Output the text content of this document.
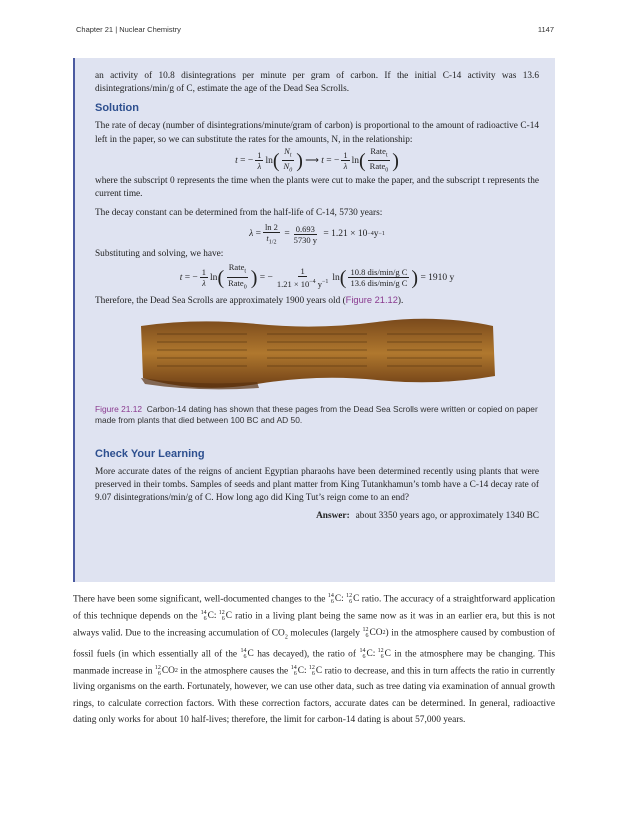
Chapter 21 | Nuclear Chemistry	1147

an activity of 10.8 disintegrations per minute per gram of carbon. If the initial C-14 activity was 13.6 disintegrations/min/g of C, estimate the age of the Dead Sea Scrolls.

Solution

The rate of decay (number of disintegrations/minute/gram of carbon) is proportional to the amount of radioactive C-14 left in the paper, so we can substitute the rates for the amounts, N, in the relationship:

t = − $\frac{1}{\lambda}$ ln ( $\frac{N_t}{N_0}$ ) ⟶ t = − $\frac{1}{\lambda}$ ln ( $\frac{Rate_t}{Rate_0}$ )

where the subscript 0 represents the time when the plants were cut to make the paper, and the subscript t represents the current time.

The decay constant can be determined from the half-life of C-14, 5730 years:

$\lambda = \frac{\ln 2}{t_{1/2}} = \frac{0.693}{5730 y}$
= 1.21 × 10 −4 y −1

Substituting and solving, we have:

t = − $\frac{1}{\lambda}$ ln ( $\frac{Rate_t}{Rate_0}$ ) = − $\frac{1}{1.21 \times 10^{-4} y^{-1}}$ ln ( $\frac{\text{10.8 dis/min/g C}}{\text{13.6 dis/min/g C}}$ )
= 1910 y

Therefore, the Dead Sea Scrolls are approximately 1900 years old (Figure 21.12).

Figure 21.12 Carbon-14 dating has shown that these pages from the Dead Sea Scrolls were written or copied on paper made from plants that died between 100 BC and AD 50.
Check Your Learning

More accurate dates of the reigns of ancient Egyptian pharaohs have been determined recently using plants that were preserved in their tombs. Samples of seeds and plant matter from King Tutankhamun’s tomb have a C-14 decay rate of 9.07 disintegrations/min/g of C. How long ago did King Tut’s reign come to an end?

Answer: about 3350 years ago, or approximately 1340 BC

There have been some significant, well-documented changes to the 14
6 C: 12
6 C ratio. The accuracy of a straightforward application of this technique depends on the 14
6 C: 12
6 C ratio in a living plant being the same now as it was in an earlier era, but this is not always valid. Due to the increasing accumulation of $CO_2$ molecules (largely 12
6 CO 2 ) in the atmosphere caused by combustion of fossil fuels (in which essentially all of the 14
6 C has decayed), the ratio of 14
6 C: 12
6 C in the atmosphere may be changing. This manmade increase in 12
6 CO 2 in the atmosphere causes the 14
6 C: 12
6 C ratio to decrease, and this in turn affects the ratio in currently living organisms on the earth. Fortunately, however, we can use other data, such as tree dating via examination of annual growth rings, to calculate correction factors. With these correction factors, accurate dates can be determined. In general, radioactive dating only works for about 10 half-lives; therefore, the limit for carbon-14 dating is about 57,000 years.
